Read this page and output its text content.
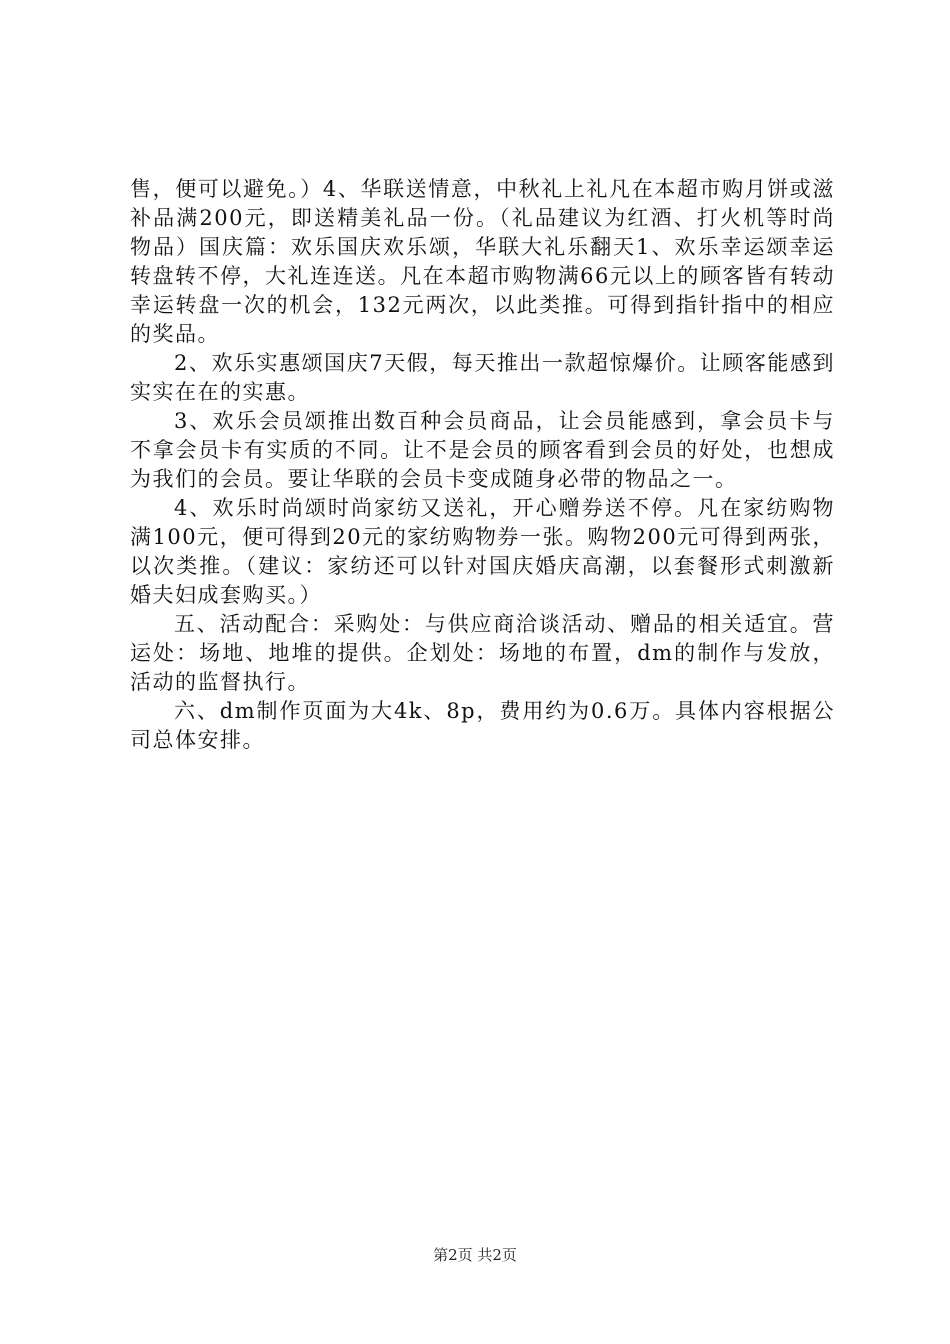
售，便可以避免。）4、华联送情意，中秋礼上礼凡在本超市购月饼或滋补品满200元，即送精美礼品一份。（礼品建议为红酒、打火机等时尚物品）国庆篇：欢乐国庆欢乐颂，华联大礼乐翻天1、欢乐幸运颂幸运转盘转不停，大礼连连送。凡在本超市购物满66元以上的顾客皆有转动幸运转盘一次的机会，132元两次，以此类推。可得到指针指中的相应的奖品。

2、欢乐实惠颂国庆7天假，每天推出一款超惊爆价。让顾客能感到实实在在的实惠。

3、欢乐会员颂推出数百种会员商品，让会员能感到，拿会员卡与不拿会员卡有实质的不同。让不是会员的顾客看到会员的好处，也想成为我们的会员。要让华联的会员卡变成随身必带的物品之一。

4、欢乐时尚颂时尚家纺又送礼，开心赠券送不停。凡在家纺购物满100元，便可得到20元的家纺购物券一张。购物200元可得到两张，以次类推。（建议：家纺还可以针对国庆婚庆高潮，以套餐形式刺激新婚夫妇成套购买。）

五、活动配合：采购处：与供应商洽谈活动、赠品的相关适宜。营运处：场地、地堆的提供。企划处：场地的布置，dm的制作与发放，活动的监督执行。

六、dm制作页面为大4k、8p，费用约为0.6万。具体内容根据公司总体安排。

第2页 共2页
